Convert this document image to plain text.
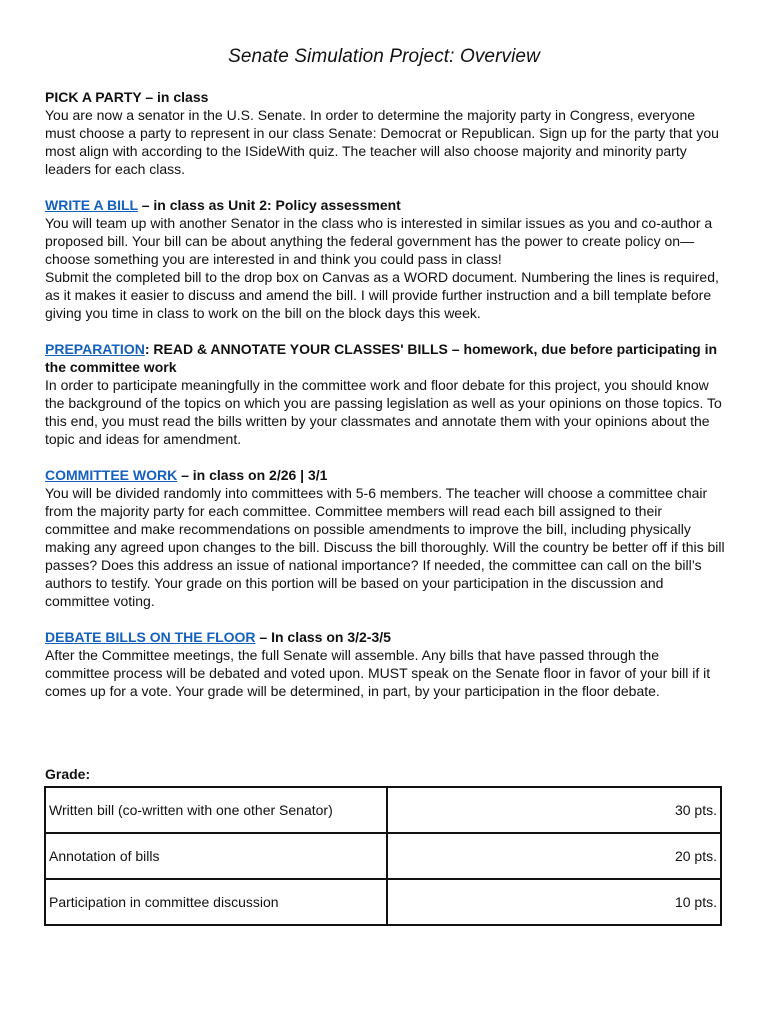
Senate Simulation Project: Overview
PICK A PARTY – in class
You are now a senator in the U.S. Senate. In order to determine the majority party in Congress, everyone must choose a party to represent in our class Senate: Democrat or Republican. Sign up for the party that you most align with according to the ISideWith quiz. The teacher will also choose majority and minority party leaders for each class.
WRITE A BILL – in class as Unit 2: Policy assessment
You will team up with another Senator in the class who is interested in similar issues as you and co-author a proposed bill. Your bill can be about anything the federal government has the power to create policy on—choose something you are interested in and think you could pass in class!
Submit the completed bill to the drop box on Canvas as a WORD document. Numbering the lines is required, as it makes it easier to discuss and amend the bill. I will provide further instruction and a bill template before giving you time in class to work on the bill on the block days this week.
PREPARATION: READ & ANNOTATE YOUR CLASSES' BILLS – homework, due before participating in the committee work
In order to participate meaningfully in the committee work and floor debate for this project, you should know the background of the topics on which you are passing legislation as well as your opinions on those topics. To this end, you must read the bills written by your classmates and annotate them with your opinions about the topic and ideas for amendment.
COMMITTEE WORK – in class on 2/26 | 3/1
You will be divided randomly into committees with 5-6 members. The teacher will choose a committee chair from the majority party for each committee. Committee members will read each bill assigned to their committee and make recommendations on possible amendments to improve the bill, including physically making any agreed upon changes to the bill. Discuss the bill thoroughly. Will the country be better off if this bill passes? Does this address an issue of national importance? If needed, the committee can call on the bill’s authors to testify. Your grade on this portion will be based on your participation in the discussion and committee voting.
DEBATE BILLS ON THE FLOOR – In class on 3/2-3/5
After the Committee meetings, the full Senate will assemble. Any bills that have passed through the committee process will be debated and voted upon. MUST speak on the Senate floor in favor of your bill if it comes up for a vote. Your grade will be determined, in part, by your participation in the floor debate.
Grade:
Written bill (co-written with one other Senator)	30 pts.
Annotation of bills	20 pts.
Participation in committee discussion	10 pts.
